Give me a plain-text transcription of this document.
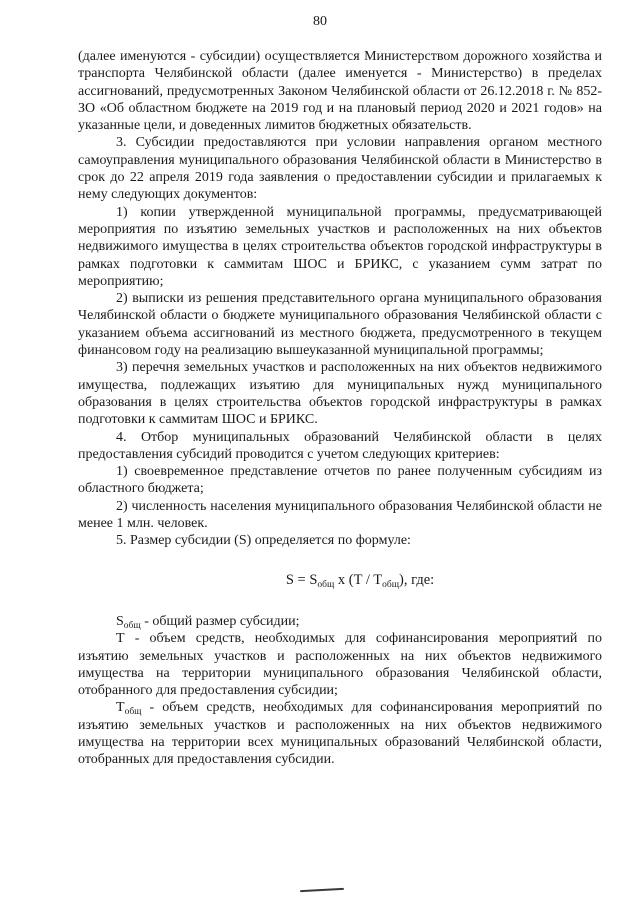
80

(далее именуются - субсидии) осуществляется Министерством дорожного хозяйства и транспорта Челябинской области (далее именуется - Министерство) в пределах ассигнований, предусмотренных Законом Челябинской области от 26.12.2018 г. № 852-ЗО «Об областном бюджете на 2019 год и на плановый период 2020 и 2021 годов» на указанные цели, и доведенных лимитов бюджетных обязательств.

3. Субсидии предоставляются при условии направления органом местного самоуправления муниципального образования Челябинской области в Министерство в срок до 22 апреля 2019 года заявления о предоставлении субсидии и прилагаемых к нему следующих документов:

1) копии утвержденной муниципальной программы, предусматривающей мероприятия по изъятию земельных участков и расположенных на них объектов недвижимого имущества в целях строительства объектов городской инфраструктуры в рамках подготовки к саммитам ШОС и БРИКС, с указанием сумм затрат по мероприятию;

2) выписки из решения представительного органа муниципального образования Челябинской области о бюджете муниципального образования Челябинской области с указанием объема ассигнований из местного бюджета, предусмотренного в текущем финансовом году на реализацию вышеуказанной муниципальной программы;

3) перечня земельных участков и расположенных на них объектов недвижимого имущества, подлежащих изъятию для муниципальных нужд муниципального образования в целях строительства объектов городской инфраструктуры в рамках подготовки к саммитам ШОС и БРИКС.

4. Отбор муниципальных образований Челябинской области в целях предоставления субсидий проводится с учетом следующих критериев:

1) своевременное представление отчетов по ранее полученным субсидиям из областного бюджета;

2) численность населения муниципального образования Челябинской области не менее 1 млн. человек.

5. Размер субсидии (S) определяется по формуле:

$S = S_{общ}$ x $(T / T_{общ})$, где:

$S_{общ}$ - общий размер субсидии;

Т - объем средств, необходимых для софинансирования мероприятий по изъятию земельных участков и расположенных на них объектов недвижимого имущества на территории муниципального образования Челябинской области, отобранного для предоставления субсидии;

$Т_{общ}$ - объем средств, необходимых для софинансирования мероприятий по изъятию земельных участков и расположенных на них объектов недвижимого имущества на территории всех муниципальных образований Челябинской области, отобранных для предоставления субсидии.
